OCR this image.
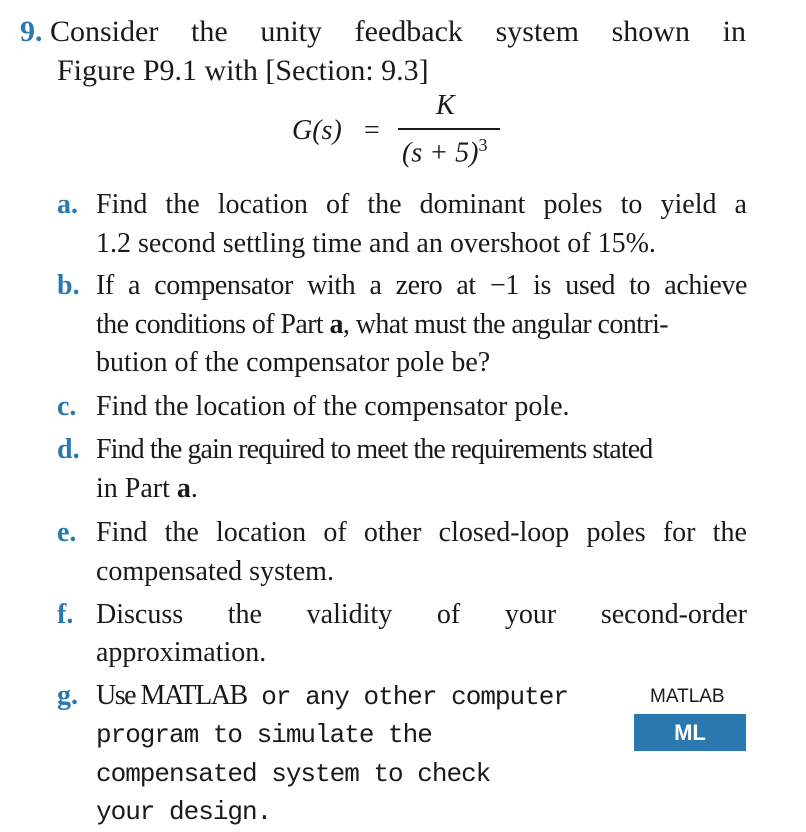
9. Consider the unity feedback system shown in
Figure P9.1 with [Section: 9.3]
G(s) =
K
$(s + 5)^3$
a. Find the location of the dominant poles to yield a
1.2 second settling time and an overshoot of 15%.
b. If a compensator with a zero at −1 is used to achieve
the conditions of Part a, what must the angular contri-
bution of the compensator pole be?
c. Find the location of the compensator pole.
d. Find the gain required to meet the requirements stated
in Part a.
e. Find the location of other closed-loop poles for the
compensated system.
f. Discuss the validity of your second-order
approximation.
g. Use MATLAB or any other computer
program to simulate the
compensated system to check
your design.
MATLAB
ML
